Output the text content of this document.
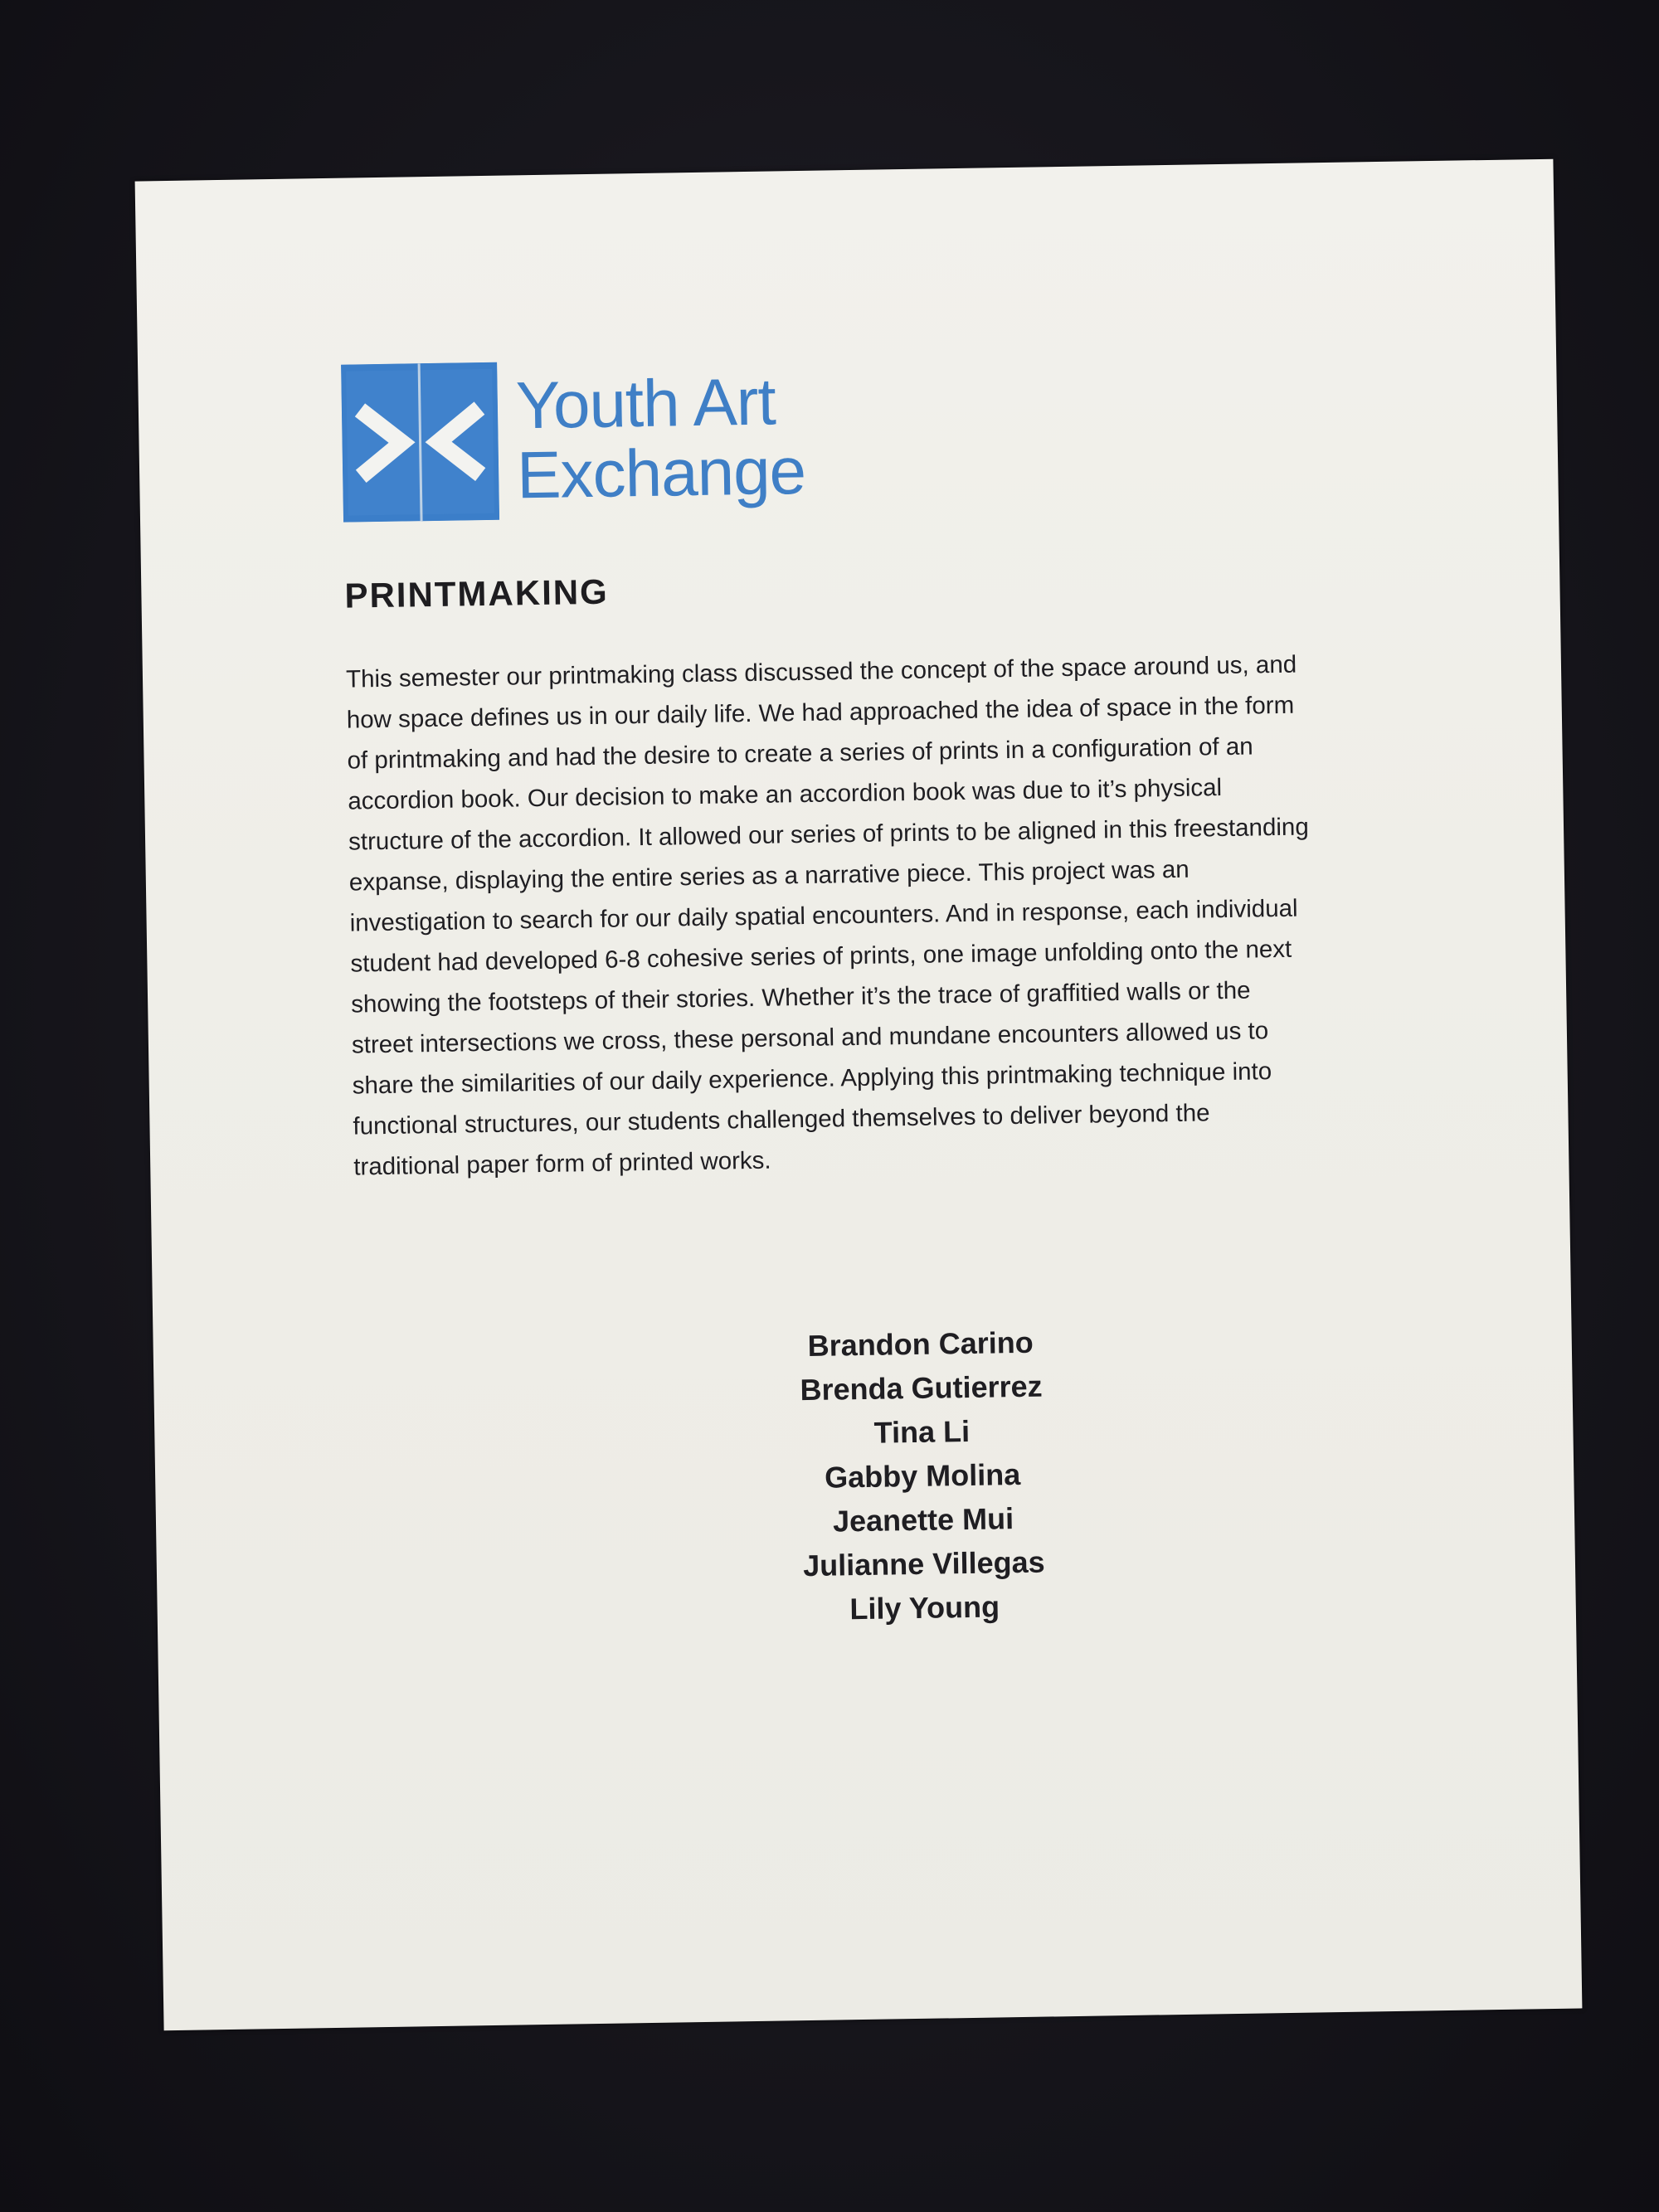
Youth Art
Exchange
PRINTMAKING
This semester our printmaking class discussed the concept of the space around us, and how space defines us in our daily life. We had approached the idea of space in the form of printmaking and had the desire to create a series of prints in a configuration of an accordion book. Our decision to make an accordion book was due to it’s physical structure of the accordion. It allowed our series of prints to be aligned in this freestanding expanse, displaying the entire series as a narrative piece. This project was an investigation to search for our daily spatial encounters. And in response, each individual student had developed 6-8 cohesive series of prints, one image unfolding onto the next showing the footsteps of their stories. Whether it’s the trace of graffitied walls or the street intersections we cross, these personal and mundane encounters allowed us to share the similarities of our daily experience. Applying this printmaking technique into functional structures, our students challenged themselves to deliver beyond the traditional paper form of printed works.
Brandon Carino
Brenda Gutierrez
Tina Li
Gabby Molina
Jeanette Mui
Julianne Villegas
Lily Young
